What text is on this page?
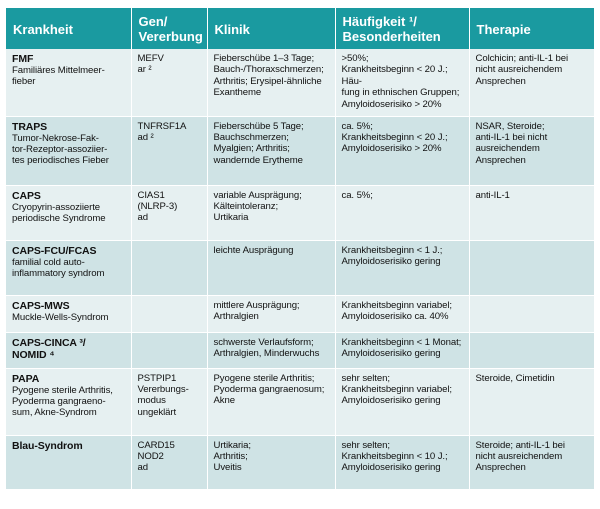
Krankheit	Gen/
Vererbung	Klinik	Häufigkeit ¹/
Besonderheiten	Therapie

FMF
Familiäres Mittelmeer-
fieber	MEFV
ar ²	Fieberschübe 1–3 Tage;
Bauch-/Thoraxschmerzen;
Arthritis; Erysipel-ähnliche
Exantheme	>50%;
Krankheitsbeginn < 20 J.; Häu-
fung in ethnischen Gruppen;
Amyloidoserisiko > 20%	Colchicin; anti-IL-1 bei
nicht ausreichendem
Ansprechen

TRAPS
Tumor-Nekrose-Fak-
tor-Rezeptor-assoziier-
tes periodisches Fieber	TNFRSF1A
ad ²	Fieberschübe 5 Tage;
Bauchschmerzen;
Myalgien; Arthritis;
wandernde Erytheme	ca. 5%;
Krankheitsbeginn < 20 J.;
Amyloidoserisiko > 20%	NSAR, Steroide;
anti-IL-1 bei nicht
ausreichendem
Ansprechen

CAPS
Cryopyrin-assoziierte
periodische Syndrome	CIAS1
(NLRP-3)
ad	variable Ausprägung;
Kälteintoleranz;
Urtikaria	ca. 5%;	anti-IL-1

CAPS-FCU/FCAS
familial cold auto-
inflammatory syndrom		leichte Ausprägung	Krankheitsbeginn < 1 J.;
Amyloidoserisiko gering	

CAPS-MWS
Muckle-Wells-Syndrom		mittlere Ausprägung;
Arthralgien	Krankheitsbeginn variabel;
Amyloidoserisiko ca. 40%	

CAPS-CINCA ³/
NOMID ⁴		schwerste Verlaufsform;
Arthralgien, Minderwuchs	Krankheitsbeginn < 1 Monat;
Amyloidoserisiko gering	

PAPA
Pyogene sterile Arthritis,
Pyoderma gangraeno-
sum, Akne-Syndrom	PSTPIP1
Vererbungs-
modus
ungeklärt	Pyogene sterile Arthritis;
Pyoderma gangraenosum;
Akne	sehr selten;
Krankheitsbeginn variabel;
Amyloidoserisiko gering	Steroide, Cimetidin

Blau-Syndrom	CARD15
NOD2
ad	Urtikaria;
Arthritis;
Uveitis	sehr selten;
Krankheitsbeginn < 10 J.;
Amyloidoserisiko gering	Steroide; anti-IL-1 bei
nicht ausreichendem
Ansprechen
